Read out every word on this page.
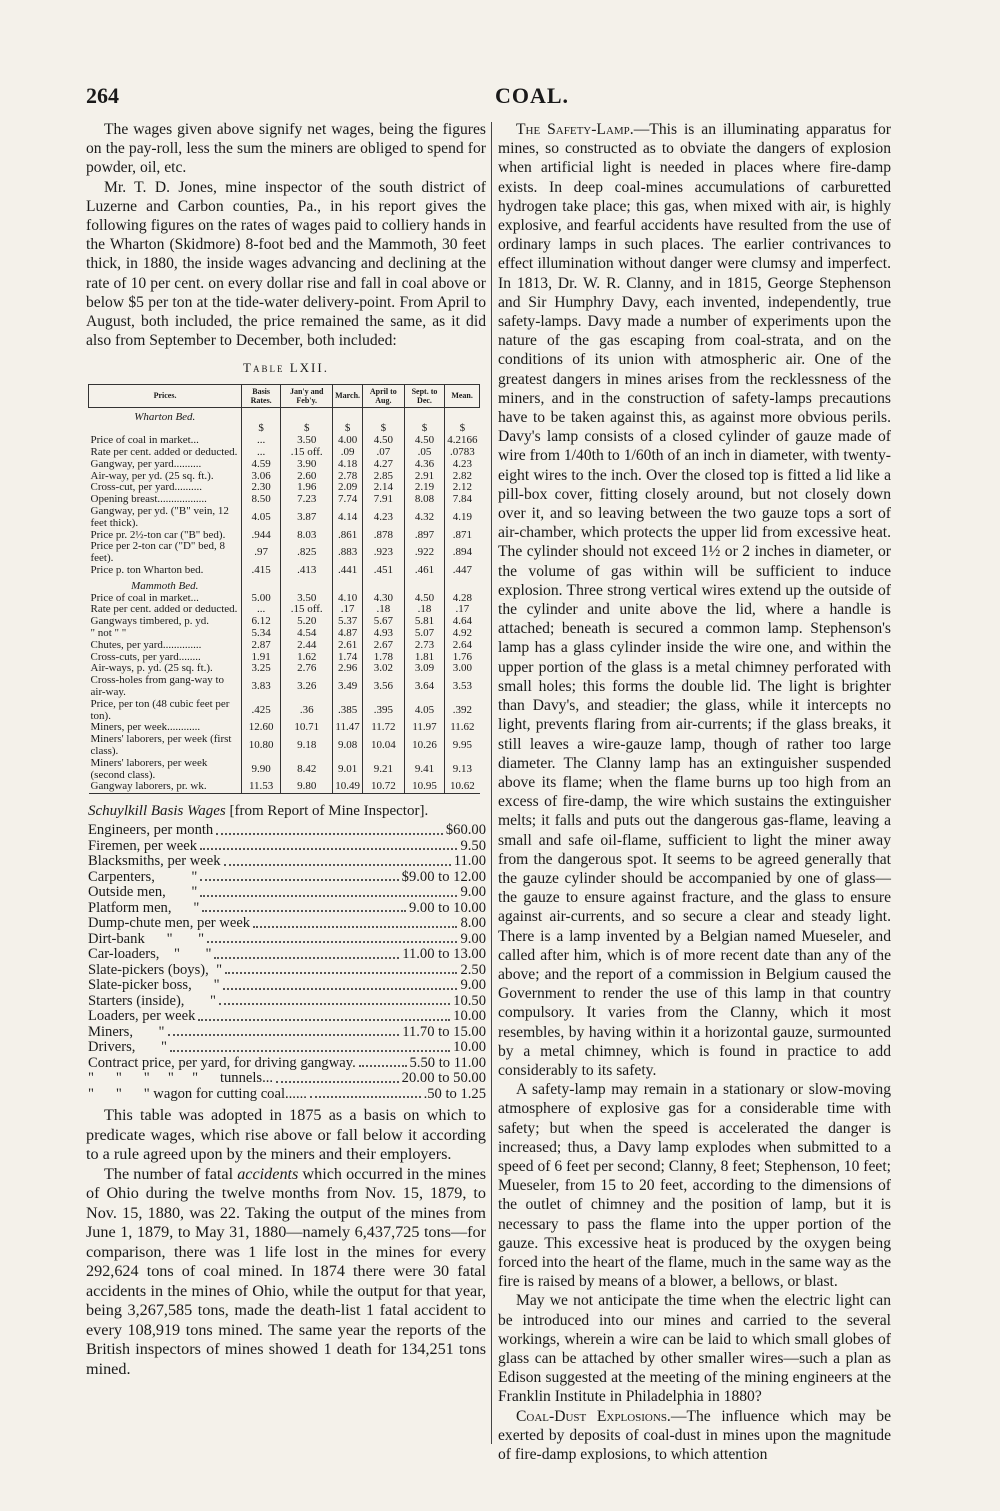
264	COAL.

The wages given above signify net wages, being the figures on the pay-roll, less the sum the miners are obliged to spend for powder, oil, etc.

Mr. T. D. Jones, mine inspector of the south district of Luzerne and Carbon counties, Pa., in his report gives the following figures on the rates of wages paid to colliery hands in the Wharton (Skidmore) 8-foot bed and the Mammoth, 30 feet thick, in 1880, the inside wages advancing and declining at the rate of 10 per cent. on every dollar rise and fall in coal above or below $5 per ton at the tide-water delivery-point. From April to August, both included, the price remained the same, as it did also from September to December, both included:

Table LXII.
Prices.	Basis Rates.	Jan'y and Feb'y.	March.	April to Aug.	Sept. to Dec.	Mean.
Wharton Bed.						
	$	$	$	$	$	$
Price of coal in market...	...	3.50	4.00	4.50	4.50	4.2166
Rate per cent. added or deducted.	...	.15 off.	.09	.07	.05	.0783
Gangway, per yard..........	4.59	3.90	4.18	4.27	4.36	4.23
Air-way, per yd. (25 sq. ft.).	3.06	2.60	2.78	2.85	2.91	2.82
Cross-cut, per yard..........	2.30	1.96	2.09	2.14	2.19	2.12
Opening breast..................	8.50	7.23	7.74	7.91	8.08	7.84
Gangway, per yd. ("B" vein, 12 feet thick).	4.05	3.87	4.14	4.23	4.32	4.19
Price pr. 2½-ton car ("B" bed).	.944	8.03	.861	.878	.897	.871
Price per 2-ton car ("D" bed, 8 feet).	.97	.825	.883	.923	.922	.894
Price p. ton Wharton bed.	.415	.413	.441	.451	.461	.447
Mammoth Bed.						
Price of coal in market...	5.00	3.50	4.10	4.30	4.50	4.28
Rate per cent. added or deducted.	...	.15 off.	.17	.18	.18	.17
Gangways timbered, p. yd.	6.12	5.20	5.37	5.67	5.81	4.64
" not " "	5.34	4.54	4.87	4.93	5.07	4.92
Chutes, per yard..............	2.87	2.44	2.61	2.67	2.73	2.64
Cross-cuts, per yard........	1.91	1.62	1.74	1.78	1.81	1.76
Air-ways, p. yd. (25 sq. ft.).	3.25	2.76	2.96	3.02	3.09	3.00
Cross-holes from gang-way to air-way.	3.83	3.26	3.49	3.56	3.64	3.53
Price, per ton (48 cubic feet per ton).	.425	.36	.385	.395	4.05	.392
Miners, per week............	12.60	10.71	11.47	11.72	11.97	11.62
Miners' laborers, per week (first class).	10.80	9.18	9.08	10.04	10.26	9.95
Miners' laborers, per week (second class).	9.90	8.42	9.01	9.21	9.41	9.13
Gangway laborers, pr. wk.	11.53	9.80	10.49	10.72	10.95	10.62
Schuylkill Basis Wages [from Report of Mine Inspector].
Engineers, per month	$60.00
Firemen, per week	9.50
Blacksmiths, per week	11.00
Carpenters,          "	$9.00 to 12.00
Outside men,       "	9.00
Platform men,      "	9.00 to 10.00
Dump-chute men, per week	8.00
Dirt-bank      "       "	9.00
Car-loaders,    "       "	11.00 to 13.00
Slate-pickers (boys),  "	2.50
Slate-picker boss,      "	9.00
Starters (inside),       "	10.50
Loaders, per week	10.00
Miners,       "	11.70 to 15.00
Drivers,       "	10.00
Contract price, per yard, for driving gangway.	5.50 to 11.00
"      "      "     "     "      tunnels...	20.00 to 50.00
"      "      " wagon for cutting coal......	.50 to 1.25

This table was adopted in 1875 as a basis on which to predicate wages, which rise above or fall below it according to a rule agreed upon by the miners and their employers.

The number of fatal accidents which occurred in the mines of Ohio during the twelve months from Nov. 15, 1879, to Nov. 15, 1880, was 22. Taking the output of the mines from June 1, 1879, to May 31, 1880—namely 6,437,725 tons—for comparison, there was 1 life lost in the mines for every 292,624 tons of coal mined. In 1874 there were 30 fatal accidents in the mines of Ohio, while the output for that year, being 3,267,585 tons, made the death-list 1 fatal accident to every 108,919 tons mined. The same year the reports of the British inspectors of mines showed 1 death for 134,251 tons mined.

The Safety-Lamp.—This is an illuminating apparatus for mines, so constructed as to obviate the dangers of explosion when artificial light is needed in places where fire-damp exists. In deep coal-mines accumulations of carburetted hydrogen take place; this gas, when mixed with air, is highly explosive, and fearful accidents have resulted from the use of ordinary lamps in such places. The earlier contrivances to effect illumination without danger were clumsy and imperfect. In 1813, Dr. W. R. Clanny, and in 1815, George Stephenson and Sir Humphry Davy, each invented, independently, true safety-lamps. Davy made a number of experiments upon the nature of the gas escaping from coal-strata, and on the conditions of its union with atmospheric air. One of the greatest dangers in mines arises from the recklessness of the miners, and in the construction of safety-lamps precautions have to be taken against this, as against more obvious perils. Davy's lamp consists of a closed cylinder of gauze made of wire from 1/40th to 1/60th of an inch in diameter, with twenty-eight wires to the inch. Over the closed top is fitted a lid like a pill-box cover, fitting closely around, but not closely down over it, and so leaving between the two gauze tops a sort of air-chamber, which protects the upper lid from excessive heat. The cylinder should not exceed 1½ or 2 inches in diameter, or the volume of gas within will be sufficient to induce explosion. Three strong vertical wires extend up the outside of the cylinder and unite above the lid, where a handle is attached; beneath is secured a common lamp. Stephenson's lamp has a glass cylinder inside the wire one, and within the upper portion of the glass is a metal chimney perforated with small holes; this forms the double lid. The light is brighter than Davy's, and steadier; the glass, while it intercepts no light, prevents flaring from air-currents; if the glass breaks, it still leaves a wire-gauze lamp, though of rather too large diameter. The Clanny lamp has an extinguisher suspended above its flame; when the flame burns up too high from an excess of fire-damp, the wire which sustains the extinguisher melts; it falls and puts out the dangerous gas-flame, leaving a small and safe oil-flame, sufficient to light the miner away from the dangerous spot. It seems to be agreed generally that the gauze cylinder should be accompanied by one of glass—the gauze to ensure against fracture, and the glass to ensure against air-currents, and so secure a clear and steady light. There is a lamp invented by a Belgian named Mueseler, and called after him, which is of more recent date than any of the above; and the report of a commission in Belgium caused the Government to render the use of this lamp in that country compulsory. It varies from the Clanny, which it most resembles, by having within it a horizontal gauze, surmounted by a metal chimney, which is found in practice to add considerably to its safety.

A safety-lamp may remain in a stationary or slow-moving atmosphere of explosive gas for a considerable time with safety; but when the speed is accelerated the danger is increased; thus, a Davy lamp explodes when submitted to a speed of 6 feet per second; Clanny, 8 feet; Stephenson, 10 feet; Mueseler, from 15 to 20 feet, according to the dimensions of the outlet of chimney and the position of lamp, but it is necessary to pass the flame into the upper portion of the gauze. This excessive heat is produced by the oxygen being forced into the heart of the flame, much in the same way as the fire is raised by means of a blower, a bellows, or blast.

May we not anticipate the time when the electric light can be introduced into our mines and carried to the several workings, wherein a wire can be laid to which small globes of glass can be attached by other smaller wires—such a plan as Edison suggested at the meeting of the mining engineers at the Franklin Institute in Philadelphia in 1880?

Coal-Dust Explosions.—The influence which may be exerted by deposits of coal-dust in mines upon the magnitude of fire-damp explosions, to which attention
